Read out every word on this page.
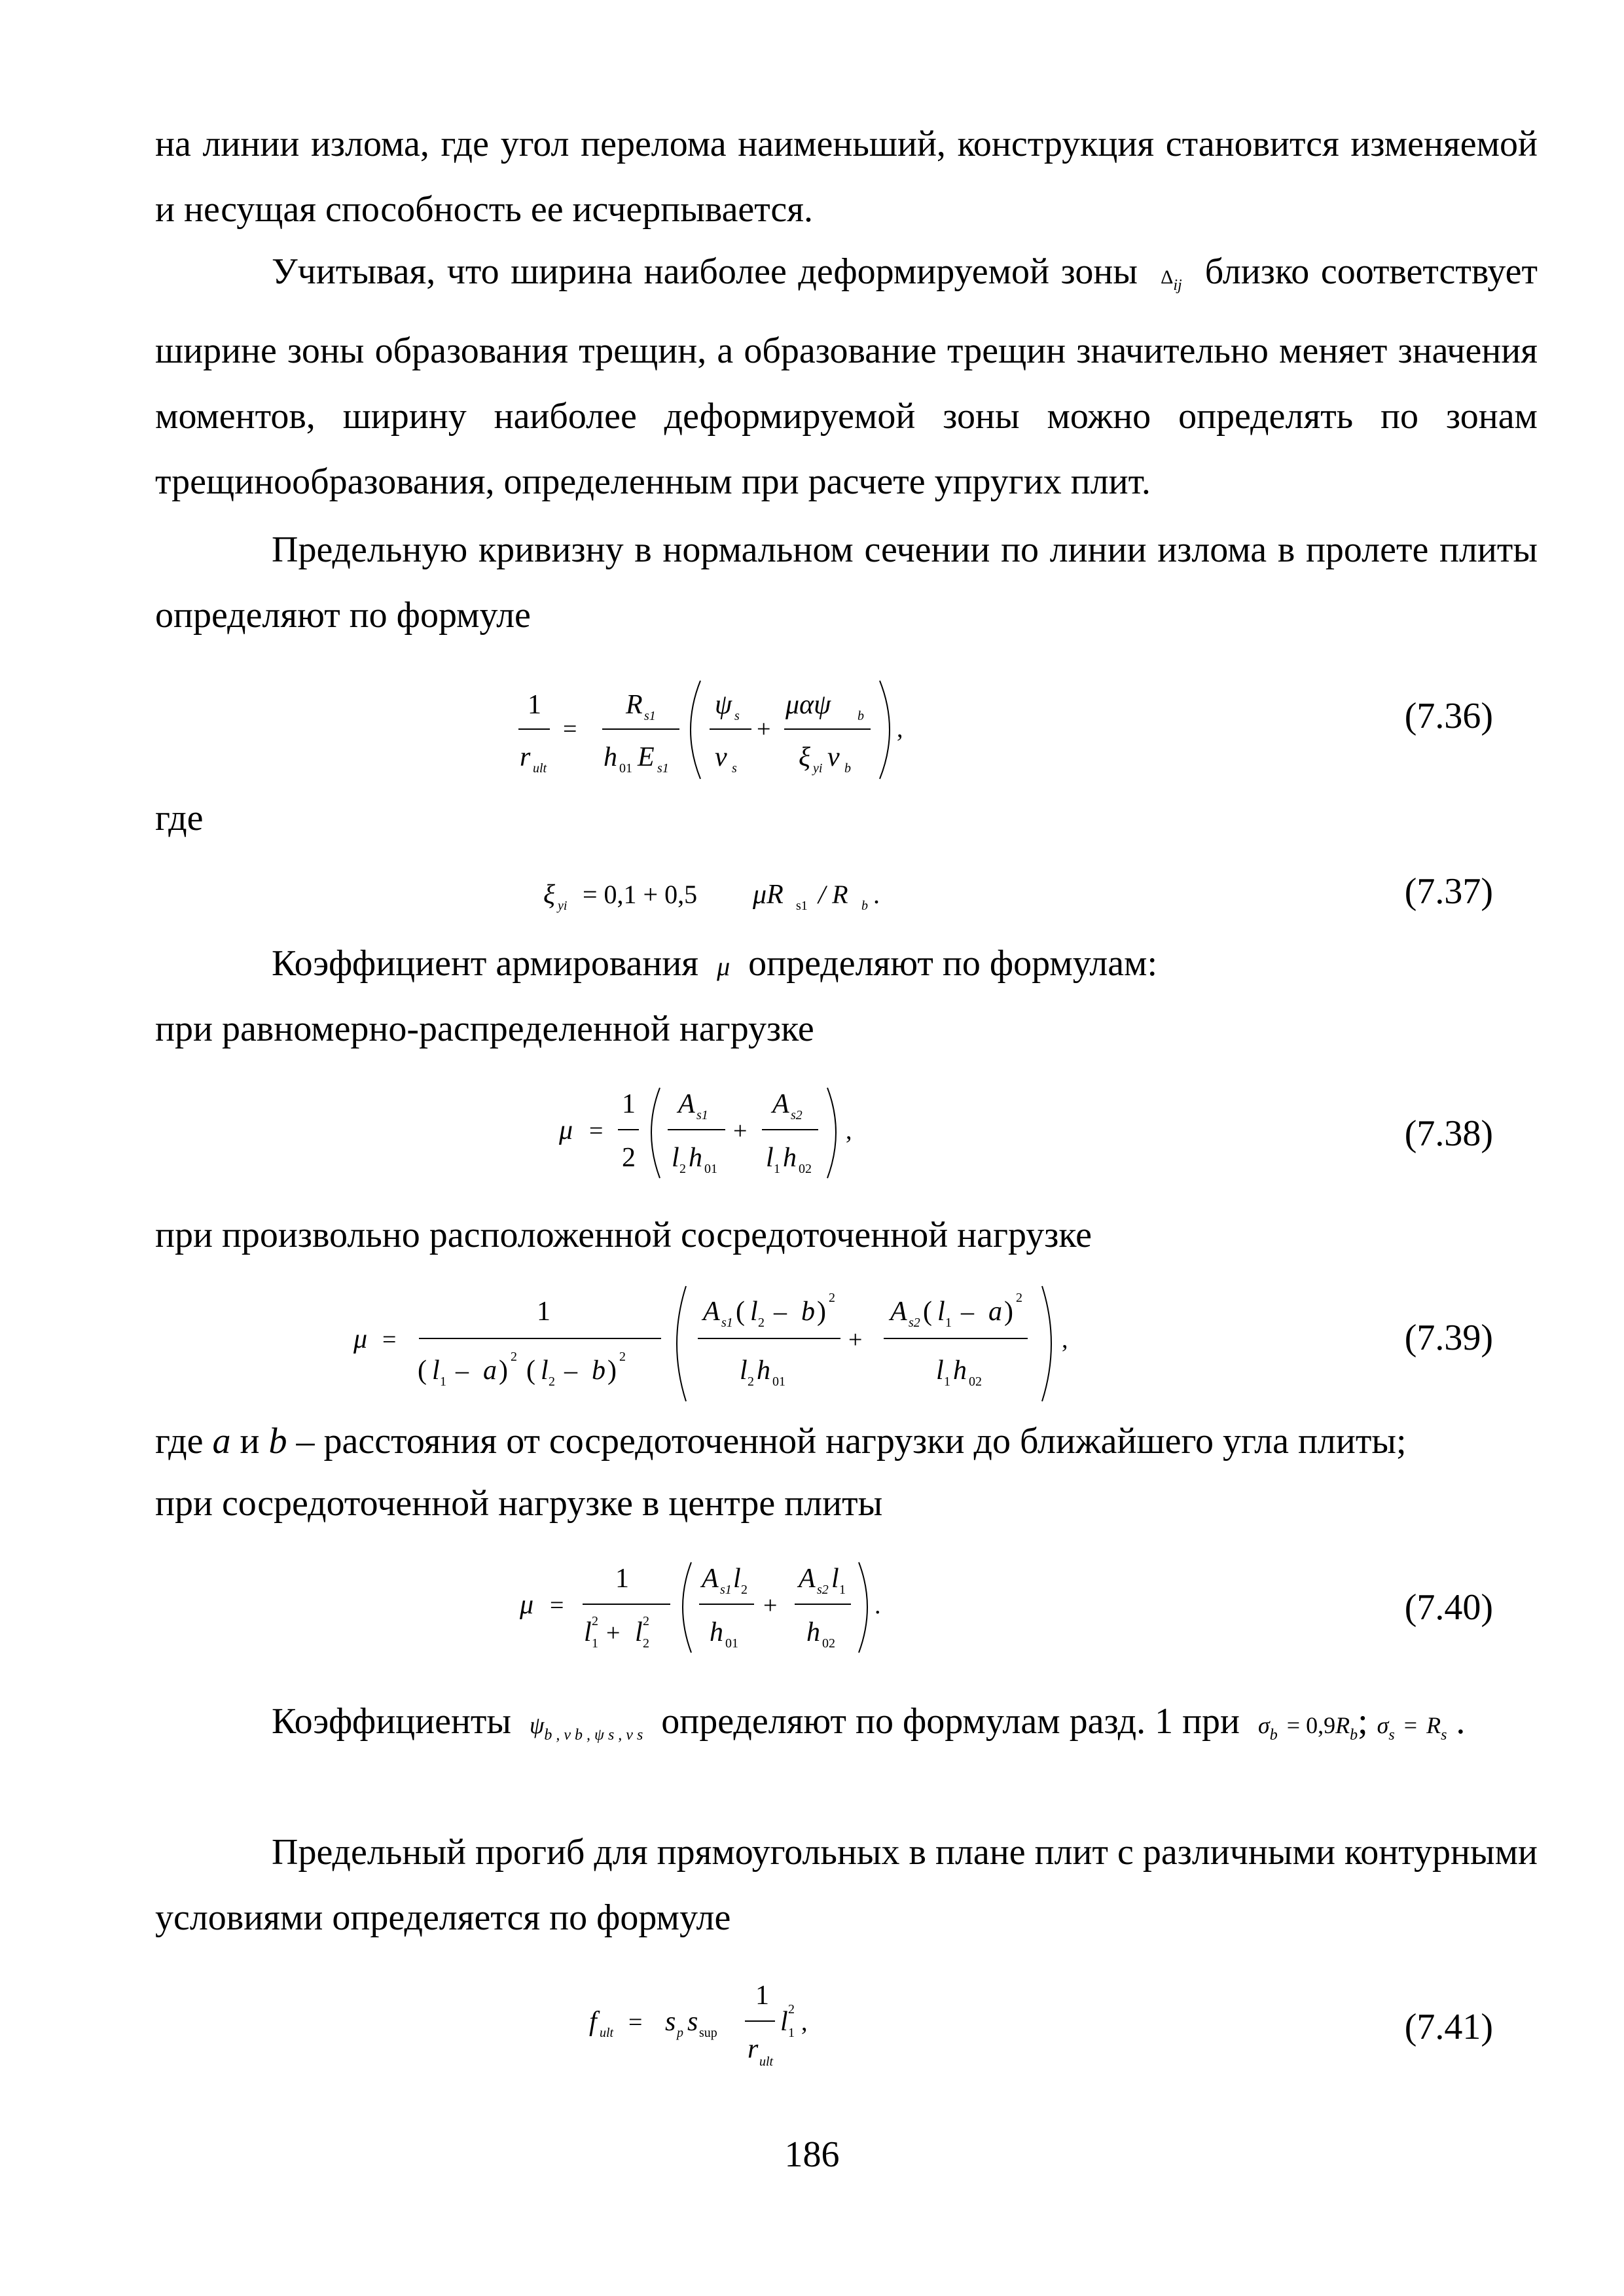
на линии излома, где угол перелома наименьший, конструкция становится изменяемой и несущая способность ее исчерпывается.

Учитывая, что ширина наиболее деформируемой зоны $\Delta_{ij}$ близко соответствует ширине зоны образования трещин, а образование трещин значительно меняет значения моментов, ширину наиболее деформируемой зоны можно определять по зонам трещинообразования, определенным при расчете упругих плит.

Предельную кривизну в нормальном сечении по линии излома в пролете плиты определяют по формуле

1
r ult
=
R s1
h 01 E s1
ψ s
ν s
+
μαψ b
ξ yi ν b
,	(7.36)

где

ξ yi = 0,1 + 0,5 μR s1 / R b .	(7.37)

Коэффициент армирования μ определяют по формулам:

при равномерно-распределенной нагрузке

μ =
1
2
A s1
l 2 h 01
+
A s2
l 1 h 02
,	(7.38)

при произвольно расположенной сосредоточенной нагрузке

μ =
1
( l 1 – a ) 2 ( l 2 – b ) 2
A s1 ( l 2 – b ) 2
l 2 h 01
+
A s2 ( l 1 – a ) 2
l 1 h 02
,	(7.39)

где a и b – расстояния от сосредоточенной нагрузки до ближайшего угла плиты;

при сосредоточенной нагрузке в центре плиты

μ =
1
l 2
1 + l 2
2
A s1 l 2
h 01
+
A s2 l 1
h 02
.	(7.40)

Коэффициенты $\psi_{b , \nu b , \psi s , \nu s}$ определяют по формулам разд. 1 при $\sigma_b = 0,9R_b$; $\sigma_s = R_s$ .

Предельный прогиб для прямоугольных в плане плит с различными контурными условиями определяется по формуле

f ult = s p s sup
1
r ult
l 2
1 ,	(7.41)
186
